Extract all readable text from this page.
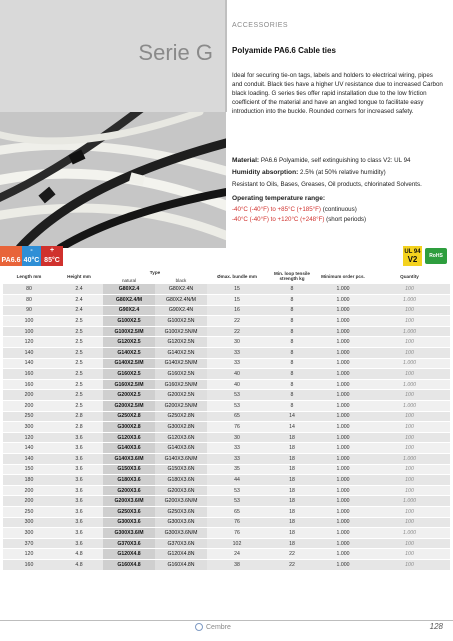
Serie G
ACCESSORIES
Polyamide PA6.6 Cable ties

Ideal for securing tie-on tags, labels and holders to electrical wiring, pipes and conduit. Black ties have a higher UV resistance due to increased Carbon black loading. G series ties offer rapid installation due to the low friction coefficient of the material and have an angled tongue to facilitate easy introduction into the buckle. Rounded corners for increased safety.

Material: PA6.6 Polyamide, self extinguishing to class V2: UL 94
Humidity absorption: 2.5% (at 50% relative humidity)
Resistant to Oils, Bases, Greases, Oil products, chlorinated Solvents.
Operating temperature range:
-40°C (-40°F) to +85°C (+185°F) (continuous)
-40°C (-40°F) to +120°C (+248°F) (short periods)
PA6.6
-
40°C
+
85°C
UL 94
V2	RoHS
Length mm	Height mm	Type		Ømax. bundle mm	Min. loop tensile strength kg	Minimum order pcs.	Quantity
		natural	black				
80	2.4	G80X2.4	G80X2.4N	15	8	1.000	100
80	2.4	G80X2.4/M	G80X2.4N/M	15	8	1.000	1.000
90	2.4	G90X2.4	G90X2.4N	16	8	1.000	100
100	2.5	G100X2.5	G100X2.5N	22	8	1.000	100
100	2.5	G100X2.5/M	G100X2.5N/M	22	8	1.000	1.000
120	2.5	G120X2.5	G120X2.5N	30	8	1.000	100
140	2.5	G140X2.5	G140X2.5N	33	8	1.000	100
140	2.5	G140X2.5/M	G140X2.5N/M	33	8	1.000	1.000
160	2.5	G160X2.5	G160X2.5N	40	8	1.000	100
160	2.5	G160X2.5/M	G160X2.5N/M	40	8	1.000	1.000
200	2.5	G200X2.5	G200X2.5N	53	8	1.000	100
200	2.5	G200X2.5/M	G200X2.5N/M	53	8	1.000	1.000
250	2.8	G250X2.8	G250X2.8N	65	14	1.000	100
300	2.8	G300X2.8	G300X2.8N	76	14	1.000	100
120	3.6	G120X3.6	G120X3.6N	30	18	1.000	100
140	3.6	G140X3.6	G140X3.6N	33	18	1.000	100
140	3.6	G140X3.6/M	G140X3.6N/M	33	18	1.000	1.000
150	3.6	G150X3.6	G150X3.6N	35	18	1.000	100
180	3.6	G180X3.6	G180X3.6N	44	18	1.000	100
200	3.6	G200X3.6	G200X3.6N	53	18	1.000	100
200	3.6	G200X3.6/M	G200X3.6N/M	53	18	1.000	1.000
250	3.6	G250X3.6	G250X3.6N	65	18	1.000	100
300	3.6	G300X3.6	G300X3.6N	76	18	1.000	100
300	3.6	G300X3.6/M	G300X3.6N/M	76	18	1.000	1.000
370	3.6	G370X3.6	G370X3.6N	102	18	1.000	100
120	4.8	G120X4.8	G120X4.8N	24	22	1.000	100
160	4.8	G160X4.8	G160X4.8N	38	22	1.000	100
Cembre	128
